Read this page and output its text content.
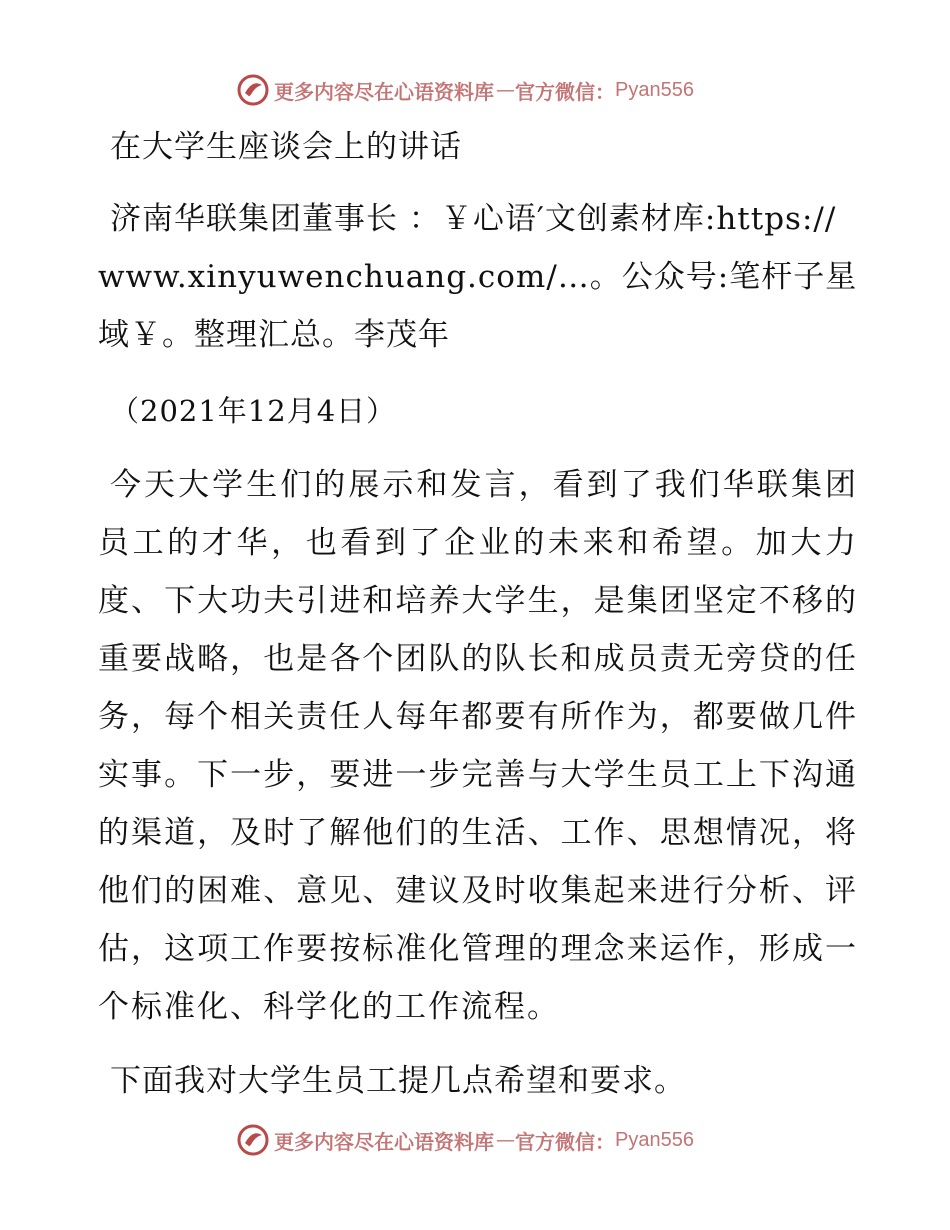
更多内容尽在心语资料库 — 官方微信： Pyan556

在大学生座谈会上的讲话

济南华联集团董事长 ：￥心语′文创素材库:https://www.xinyuwenchuang.com/…。公众号:笔杆子星域￥。整理汇总。李茂年

（2021年12月4日）

今天大学生们的展示和发言，看到了我们华联集团员工的才华，也看到了企业的未来和希望。加大力度、下大功夫引进和培养大学生，是集团坚定不移的重要战略，也是各个团队的队长和成员责无旁贷的任务，每个相关责任人每年都要有所作为，都要做几件实事。下一步，要进一步完善与大学生员工上下沟通的渠道，及时了解他们的生活、工作、思想情况，将他们的困难、意见、建议及时收集起来进行分析、评估，这项工作要按标准化管理的理念来运作，形成一个标准化、科学化的工作流程。

下面我对大学生员工提几点希望和要求。

更多内容尽在心语资料库 — 官方微信： Pyan556
